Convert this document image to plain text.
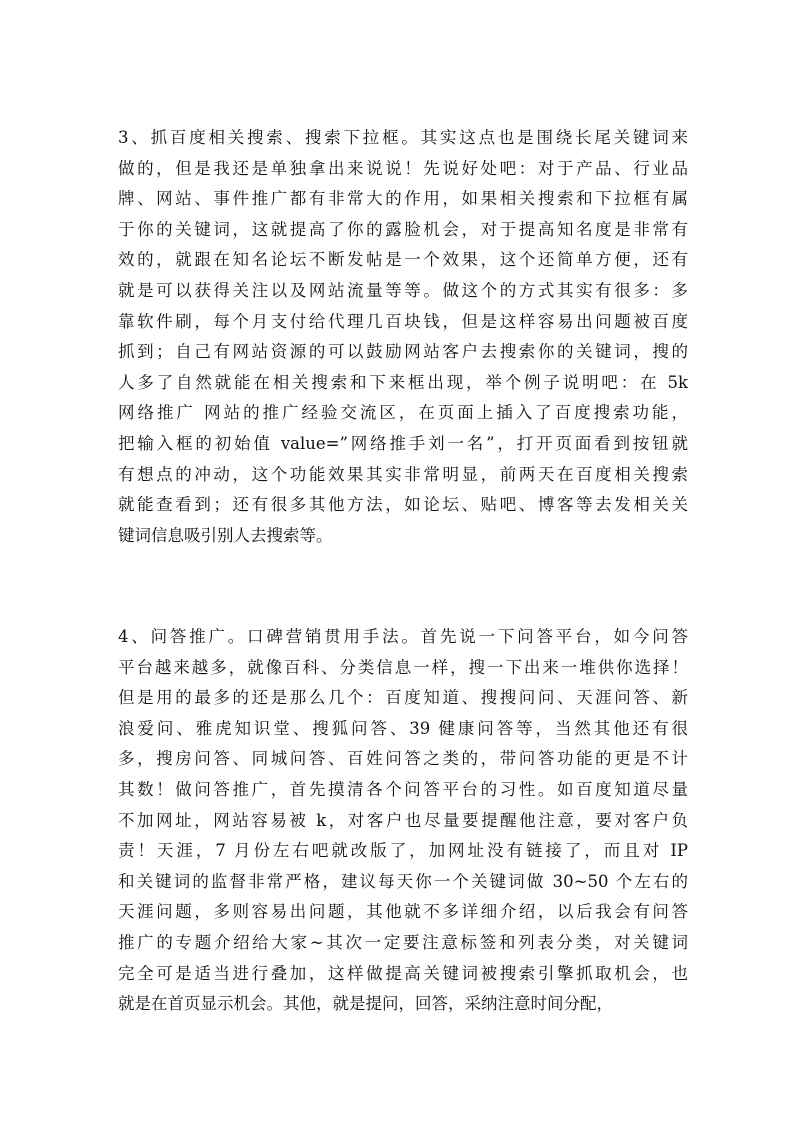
3、抓百度相关搜索、搜索下拉框。其实这点也是围绕长尾关键词来
做的，但是我还是单独拿出来说说！先说好处吧：对于产品、行业品
牌、网站、事件推广都有非常大的作用，如果相关搜索和下拉框有属
于你的关键词，这就提高了你的露脸机会，对于提高知名度是非常有
效的，就跟在知名论坛不断发帖是一个效果，这个还简单方便，还有
就是可以获得关注以及网站流量等等。做这个的方式其实有很多：多
靠软件刷，每个月支付给代理几百块钱，但是这样容易出问题被百度
抓到；自己有网站资源的可以鼓励网站客户去搜索你的关键词，搜的
人多了自然就能在相关搜索和下来框出现，举个例子说明吧：在 5k
网络推广 网站的推广经验交流区，在页面上插入了百度搜索功能，
把输入框的初始值 value=”网络推手刘一名”，打开页面看到按钮就
有想点的冲动，这个功能效果其实非常明显，前两天在百度相关搜索
就能查看到；还有很多其他方法，如论坛、贴吧、博客等去发相关关
键词信息吸引别人去搜索等。

4、问答推广。口碑营销贯用手法。首先说一下问答平台，如今问答
平台越来越多，就像百科、分类信息一样，搜一下出来一堆供你选择！
但是用的最多的还是那么几个：百度知道、搜搜问问、天涯问答、新
浪爱问、雅虎知识堂、搜狐问答、39 健康问答等，当然其他还有很
多，搜房问答、同城问答、百姓问答之类的，带问答功能的更是不计
其数！做问答推广，首先摸清各个问答平台的习性。如百度知道尽量
不加网址，网站容易被 k，对客户也尽量要提醒他注意，要对客户负
责！天涯，7 月份左右吧就改版了，加网址没有链接了，而且对 IP
和关键词的监督非常严格，建议每天你一个关键词做 30~50 个左右的
天涯问题，多则容易出问题，其他就不多详细介绍，以后我会有问答
推广的专题介绍给大家~其次一定要注意标签和列表分类，对关键词
完全可是适当进行叠加，这样做提高关键词被搜索引擎抓取机会，也
就是在首页显示机会。其他，就是提问，回答，采纳注意时间分配，
